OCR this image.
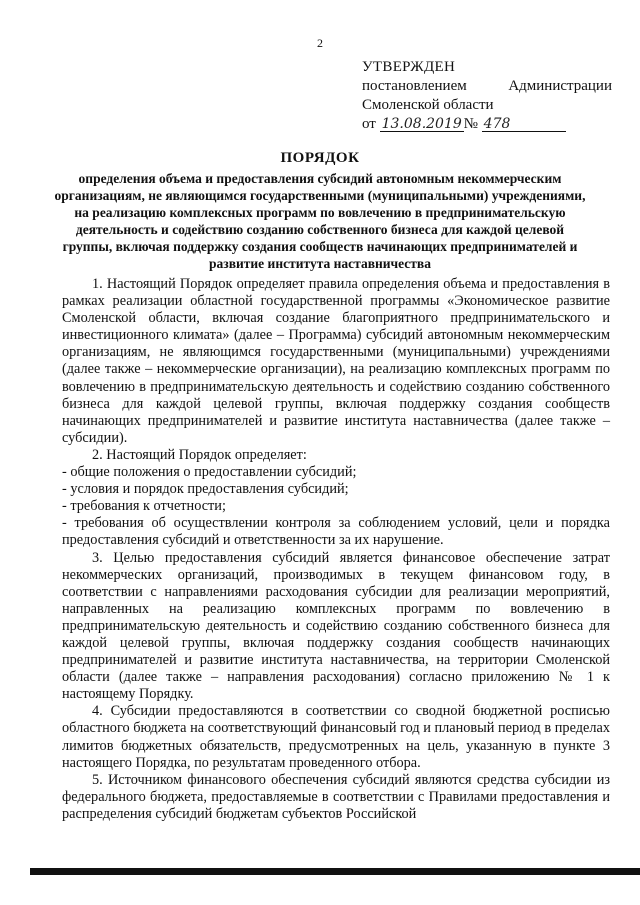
2
УТВЕРЖДЕН
постановлением	Администрации
Смоленской области
от 13.08.2019 № 478
ПОРЯДОК
определения объема и предоставления субсидий автономным некоммерческим организациям, не являющимся государственными (муниципальными) учреждениями, на реализацию комплексных программ по вовлечению в предпринимательскую деятельность и содействию созданию собственного бизнеса для каждой целевой группы, включая поддержку создания сообществ начинающих предпринимателей и развитие института наставничества

1. Настоящий Порядок определяет правила определения объема и предоставления в рамках реализации областной государственной программы «Экономическое развитие Смоленской области, включая создание благоприятного предпринимательского и инвестиционного климата» (далее – Программа) субсидий автономным некоммерческим организациям, не являющимся государственными (муниципальными) учреждениями (далее также – некоммерческие организации), на реализацию комплексных программ по вовлечению в предпринимательскую деятельность и содействию созданию собственного бизнеса для каждой целевой группы, включая поддержку создания сообществ начинающих предпринимателей и развитие института наставничества (далее также – субсидии).

2. Настоящий Порядок определяет:

- общие положения о предоставлении субсидий;

- условия и порядок предоставления субсидий;

- требования к отчетности;

- требования об осуществлении контроля за соблюдением условий, цели и порядка предоставления субсидий и ответственности за их нарушение.

3. Целью предоставления субсидий является финансовое обеспечение затрат некоммерческих организаций, производимых в текущем финансовом году, в соответствии с направлениями расходования субсидии для реализации мероприятий, направленных на реализацию комплексных программ по вовлечению в предпринимательскую деятельность и содействию созданию собственного бизнеса для каждой целевой группы, включая поддержку создания сообществ начинающих предпринимателей и развитие института наставничества, на территории Смоленской области (далее также – направления расходования) согласно приложению № 1 к настоящему Порядку.

4. Субсидии предоставляются в соответствии со сводной бюджетной росписью областного бюджета на соответствующий финансовый год и плановый период в пределах лимитов бюджетных обязательств, предусмотренных на цель, указанную в пункте 3 настоящего Порядка, по результатам проведенного отбора.

5. Источником финансового обеспечения субсидий являются средства субсидии из федерального бюджета, предоставляемые в соответствии с Правилами предоставления и распределения субсидий бюджетам субъектов Российской
